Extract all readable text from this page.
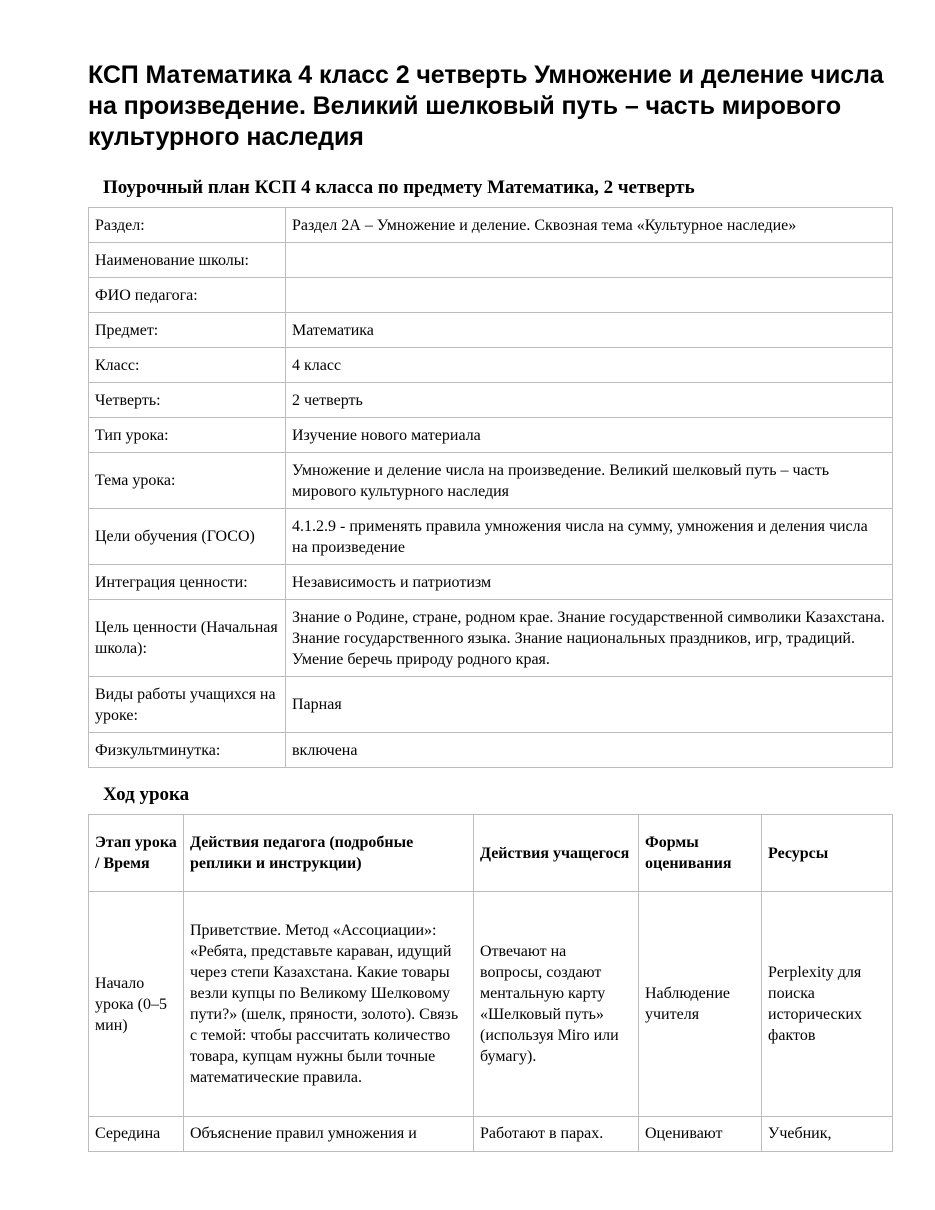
КСП Математика 4 класс 2 четверть Умножение и деление числа на произведение. Великий шелковый путь – часть мирового культурного наследия
Поурочный план КСП 4 класса по предмету Математика, 2 четверть
Раздел:	Раздел 2А – Умножение и деление. Сквозная тема «Культурное наследие»
Наименование школы:	
ФИО педагога:	
Предмет:	Математика
Класс:	4 класс
Четверть:	2 четверть
Тип урока:	Изучение нового материала
Тема урока:	Умножение и деление числа на произведение. Великий шелковый путь – часть мирового культурного наследия
Цели обучения (ГОСО)	4.1.2.9 - применять правила умножения числа на сумму, умножения и деления числа на произведение
Интеграция ценности:	Независимость и патриотизм
Цель ценности (Начальная школа):	Знание о Родине, стране, родном крае. Знание государственной символики Казахстана. Знание государственного языка. Знание национальных праздников, игр, традиций. Умение беречь природу родного края.
Виды работы учащихся на уроке:	Парная
Физкультминутка:	включена
Ход урока
Этап урока / Время	Действия педагога (подробные реплики и инструкции)	Действия учащегося	Формы оценивания	Ресурсы
Начало урока (0–5 мин)	Приветствие. Метод «Ассоциации»: «Ребята, представьте караван, идущий через степи Казахстана. Какие товары везли купцы по Великому Шелковому пути?» (шелк, пряности, золото). Связь с темой: чтобы рассчитать количество товара, купцам нужны были точные математические правила.	Отвечают на вопросы, создают ментальную карту «Шелковый путь» (используя Miro или бумагу).	Наблюдение учителя	Perplexity для поиска исторических фактов
Середина	Объяснение правил умножения и	Работают в парах.	Оценивают	Учебник,
